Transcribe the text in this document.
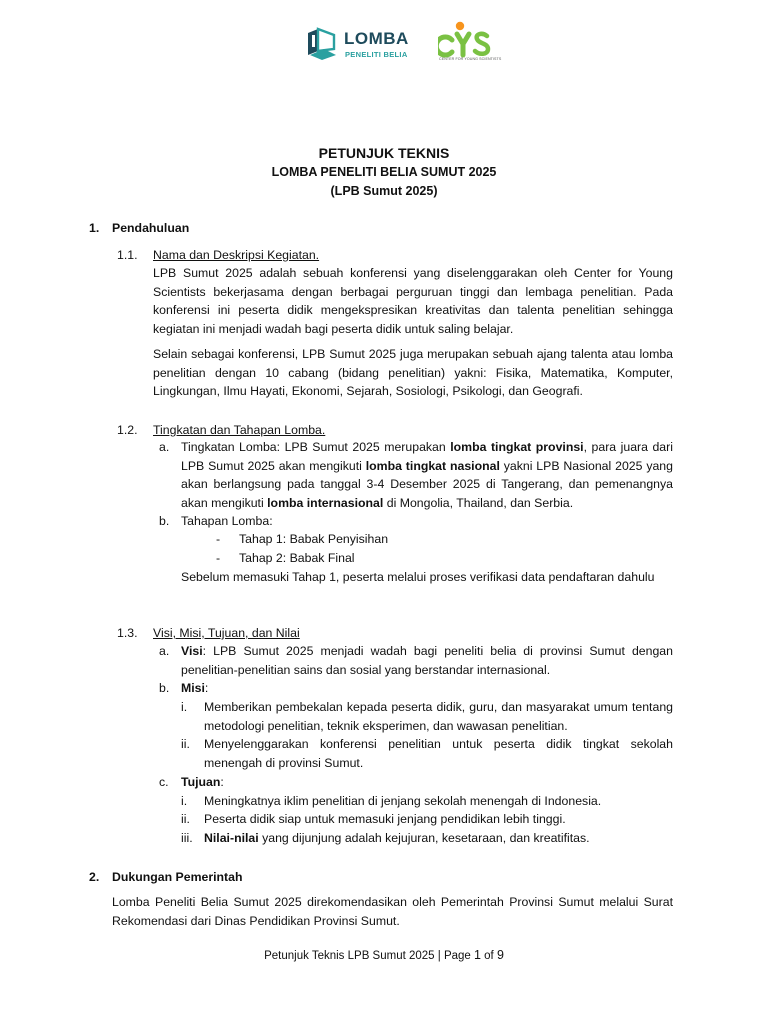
LOMBA
PENELITI BELIA	CENTER FOR YOUNG SCIENTISTS
PETUNJUK TEKNIS
LOMBA PENELITI BELIA SUMUT 2025
(LPB Sumut 2025)
1. Pendahuluan
1.1. Nama dan Deskripsi Kegiatan.

LPB Sumut 2025 adalah sebuah konferensi yang diselenggarakan oleh Center for Young Scientists bekerjasama dengan berbagai perguruan tinggi dan lembaga penelitian. Pada konferensi ini peserta didik mengekspresikan kreativitas dan talenta penelitian sehingga kegiatan ini menjadi wadah bagi peserta didik untuk saling belajar.

Selain sebagai konferensi, LPB Sumut 2025 juga merupakan sebuah ajang talenta atau lomba penelitian dengan 10 cabang (bidang penelitian) yakni: Fisika, Matematika, Komputer, Lingkungan, Ilmu Hayati, Ekonomi, Sejarah, Sosiologi, Psikologi, dan Geografi.

1.2. Tingkatan dan Tahapan Lomba.
a. Tingkatan Lomba: LPB Sumut 2025 merupakan lomba tingkat provinsi, para juara dari LPB Sumut 2025 akan mengikuti lomba tingkat nasional yakni LPB Nasional 2025 yang akan berlangsung pada tanggal 3-4 Desember 2025 di Tangerang, dan pemenangnya akan mengikuti lomba internasional di Mongolia, Thailand, dan Serbia.

b. Tahapan Lomba:
- Tahap 1: Babak Penyisihan
- Tahap 2: Babak Final

Sebelum memasuki Tahap 1, peserta melalui proses verifikasi data pendaftaran dahulu

1.3. Visi, Misi, Tujuan, dan Nilai
a. Visi: LPB Sumut 2025 menjadi wadah bagi peneliti belia di provinsi Sumut dengan penelitian-penelitian sains dan sosial yang berstandar internasional.

b. Misi:
i. Memberikan pembekalan kepada peserta didik, guru, dan masyarakat umum tentang metodologi penelitian, teknik eksperimen, dan wawasan penelitian.

ii. Menyelenggarakan konferensi penelitian untuk peserta didik tingkat sekolah menengah di provinsi Sumut.

c. Tujuan:
i. Meningkatnya iklim penelitian di jenjang sekolah menengah di Indonesia.
ii. Peserta didik siap untuk memasuki jenjang pendidikan lebih tinggi.
iii. Nilai-nilai yang dijunjung adalah kejujuran, kesetaraan, dan kreatifitas.
2. Dukungan Pemerintah

Lomba Peneliti Belia Sumut 2025 direkomendasikan oleh Pemerintah Provinsi Sumut melalui Surat Rekomendasi dari Dinas Pendidikan Provinsi Sumut.

Petunjuk Teknis LPB Sumut 2025 | Page 1 of 9
